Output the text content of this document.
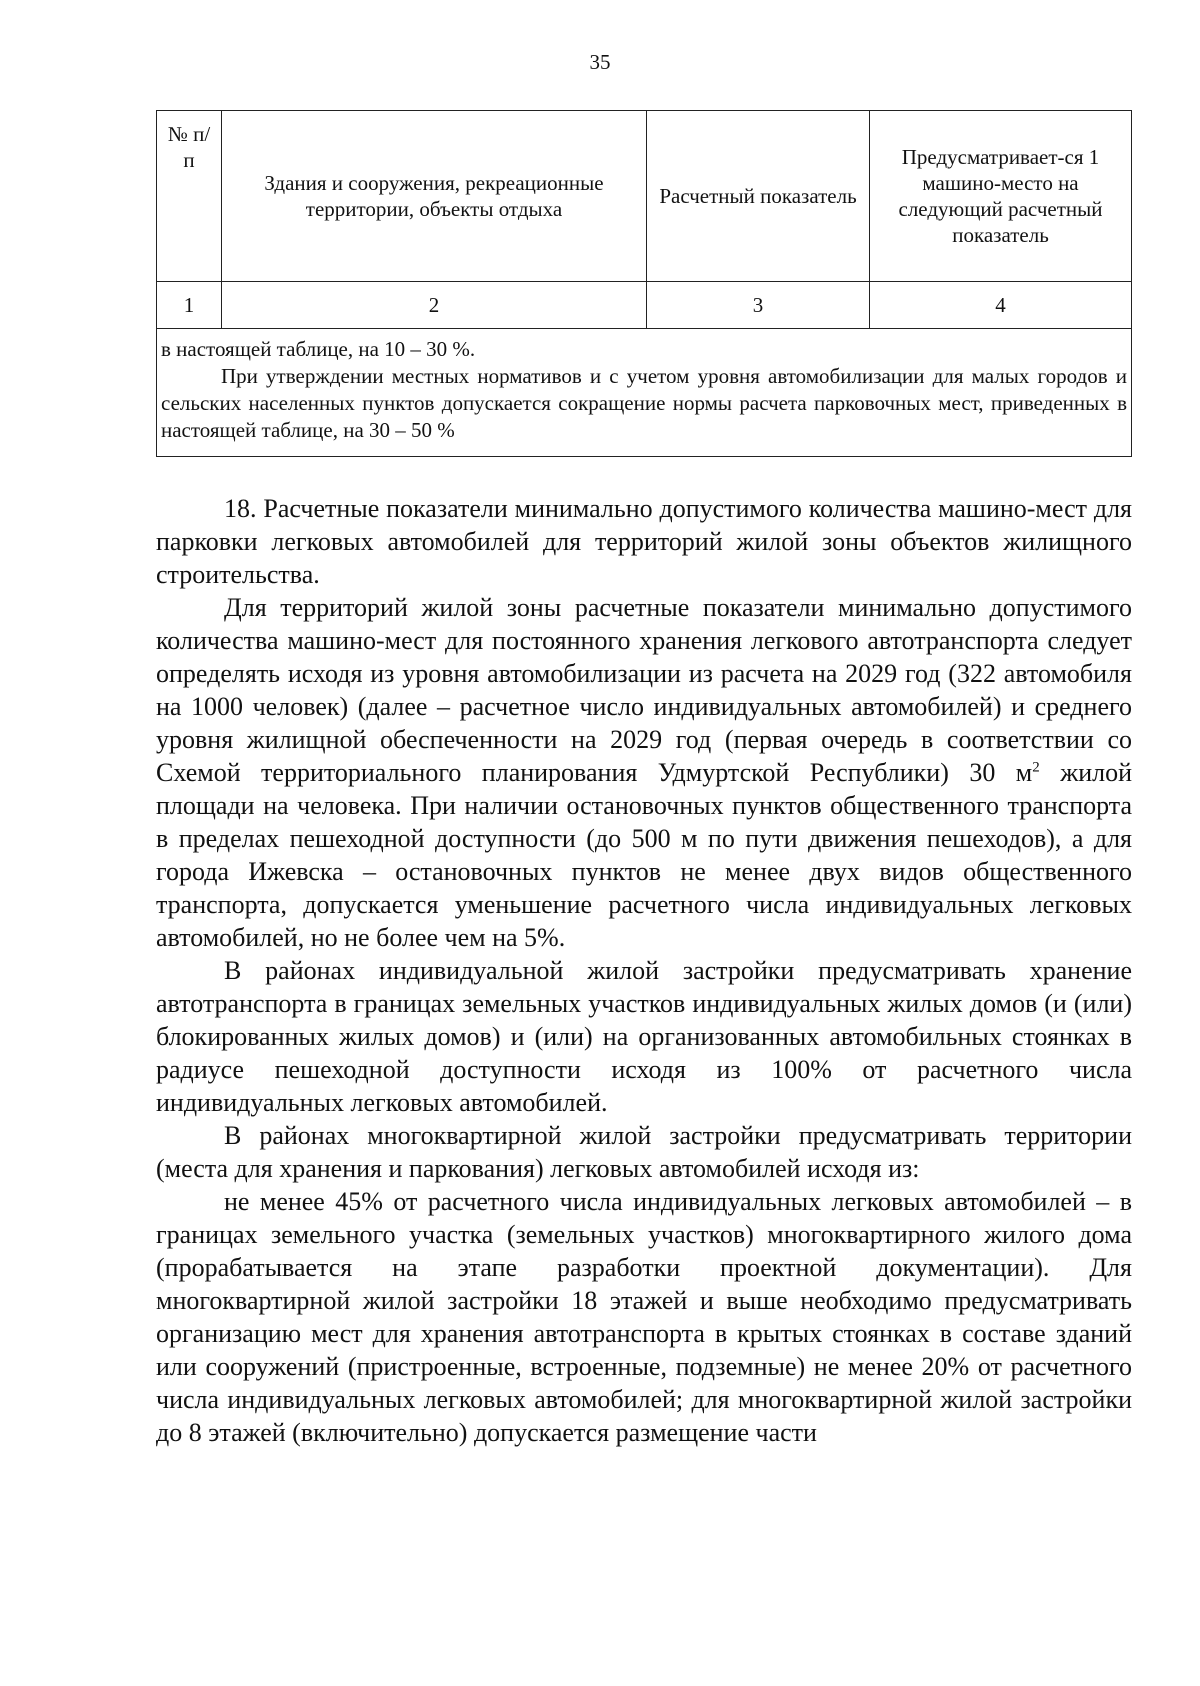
35
№ п/п	Здания и сооружения, рекреационные территории, объекты отдыха	Расчетный показатель	Предусматривает-ся 1 машино-место на следующий расчетный показатель
1	2	3	4

в настоящей таблице, на 10 – 30 %.

При утверждении местных нормативов и с учетом уровня автомобилизации для малых городов и сельских населенных пунктов допускается сокращение нормы расчета парковочных мест, приведенных в настоящей таблице, на 30 – 50 %

18. Расчетные показатели минимально допустимого количества машино-мест для парковки легковых автомобилей для территорий жилой зоны объектов жилищного строительства.

Для территорий жилой зоны расчетные показатели минимально допустимого количества машино-мест для постоянного хранения легкового автотранспорта следует определять исходя из уровня автомобилизации из расчета на 2029 год (322 автомобиля на 1000 человек) (далее – расчетное число индивидуальных автомобилей) и среднего уровня жилищной обеспеченности на 2029 год (первая очередь в соответствии со Схемой территориального планирования Удмуртской Республики) 30 $м^2$ жилой площади на человека. При наличии остановочных пунктов общественного транспорта в пределах пешеходной доступности (до 500 м по пути движения пешеходов), а для города Ижевска – остановочных пунктов не менее двух видов общественного транспорта, допускается уменьшение расчетного числа индивидуальных легковых автомобилей, но не более чем на 5%.

В районах индивидуальной жилой застройки предусматривать хранение автотранспорта в границах земельных участков индивидуальных жилых домов (и (или) блокированных жилых домов) и (или) на организованных автомобильных стоянках в радиусе пешеходной доступности исходя из 100% от расчетного числа индивидуальных легковых автомобилей.

В районах многоквартирной жилой застройки предусматривать территории (места для хранения и паркования) легковых автомобилей исходя из:

не менее 45% от расчетного числа индивидуальных легковых автомобилей – в границах земельного участка (земельных участков) многоквартирного жилого дома (прорабатывается на этапе разработки проектной документации). Для многоквартирной жилой застройки 18 этажей и выше необходимо предусматривать организацию мест для хранения автотранспорта в крытых стоянках в составе зданий или сооружений (пристроенные, встроенные, подземные) не менее 20% от расчетного числа индивидуальных легковых автомобилей; для многоквартирной жилой застройки до 8 этажей (включительно) допускается размещение части
